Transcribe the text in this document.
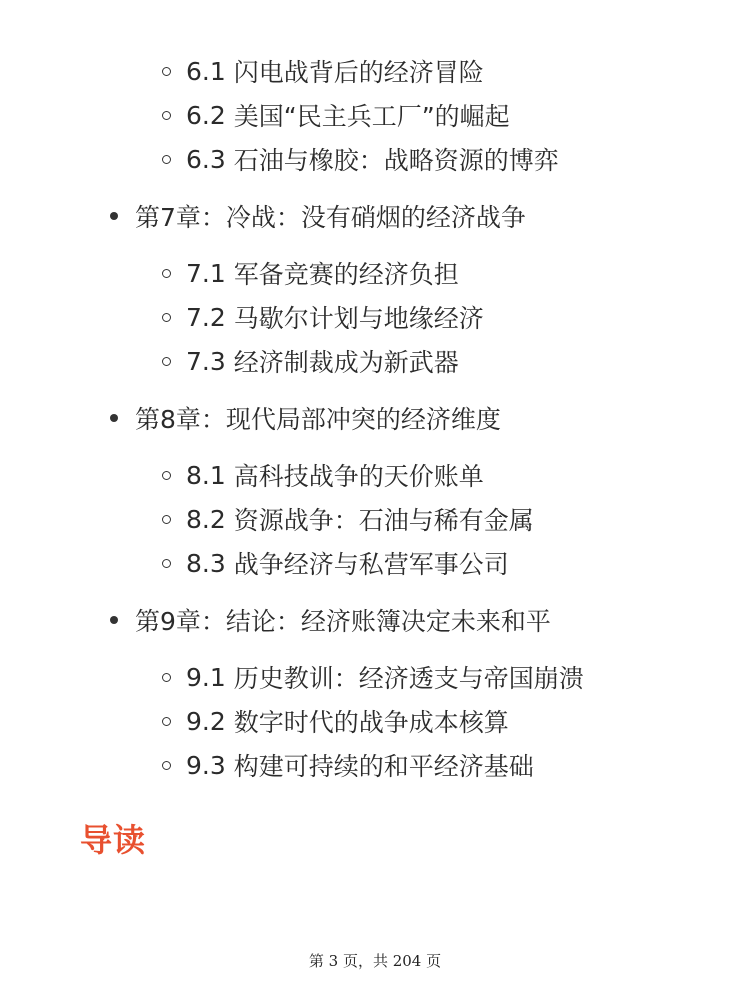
6.1 闪电战背后的经济冒险
6.2 美国“民主兵工厂”的崛起
6.3 石油与橡胶：战略资源的博弈
第7章：冷战：没有硝烟的经济战争
7.1 军备竞赛的经济负担
7.2 马歇尔计划与地缘经济
7.3 经济制裁成为新武器
第8章：现代局部冲突的经济维度
8.1 高科技战争的天价账单
8.2 资源战争：石油与稀有金属
8.3 战争经济与私营军事公司
第9章：结论：经济账簿决定未来和平
9.1 历史教训：经济透支与帝国崩溃
9.2 数字时代的战争成本核算
9.3 构建可持续的和平经济基础
导读
第 3 页，共 204 页
